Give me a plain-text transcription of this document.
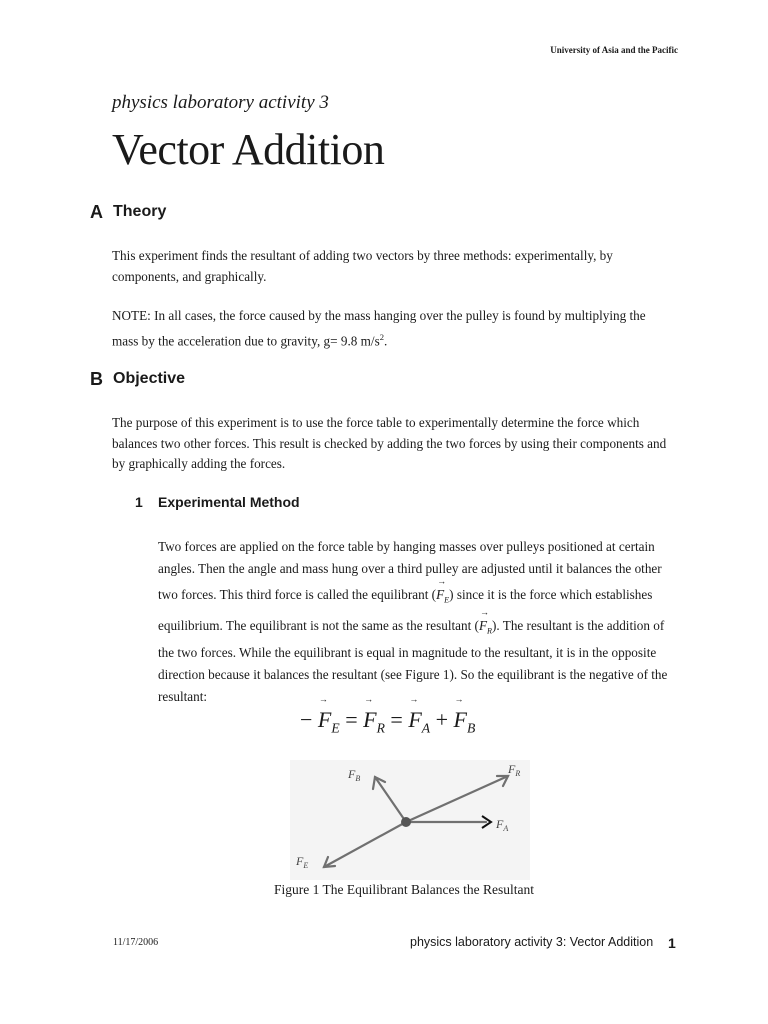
University of Asia and the Pacific
physics laboratory activity 3
Vector Addition
A Theory
This experiment finds the resultant of adding two vectors by three methods: experimentally, by components, and graphically.
NOTE: In all cases, the force caused by the mass hanging over the pulley is found by multiplying the mass by the acceleration due to gravity, g= 9.8 $m/s^2$.
B Objective
The purpose of this experiment is to use the force table to experimentally determine the force which balances two other forces. This result is checked by adding the two forces by using their components and by graphically adding the forces.
1 Experimental Method
Two forces are applied on the force table by hanging masses over pulleys positioned at certain angles. Then the angle and mass hung over a third pulley are adjusted until it balances the other two forces. This third force is called the equilibrant (→ $F_E$) since it is the force which establishes equilibrium. The equilibrant is not the same as the resultant (→ $F_R$). The resultant is the addition of the two forces. While the equilibrant is equal in magnitude to the resultant, it is in the opposite direction because it balances the resultant (see Figure 1). So the equilibrant is the negative of the resultant:
− → $F_E$ = → $F_R$ = → $F_A$ + → $F_B$
$F_B$
$F_R$
$F_A$
$F_E$
Figure 1 The Equilibrant Balances the Resultant
11/17/2006	physics laboratory activity 3: Vector Addition 1
